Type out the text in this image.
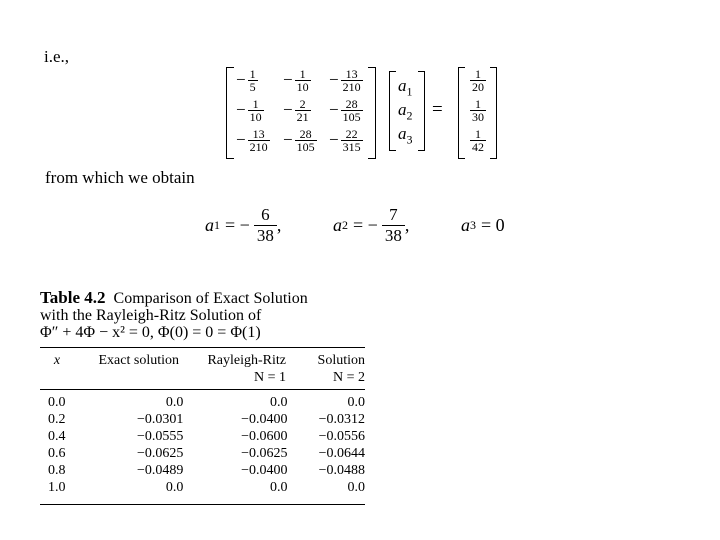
i.e.,
− $\frac{1}{5} - \frac{1}{10} - \frac{13}{210}$
− $\frac{1}{10} - \frac{2}{21} - \frac{28}{105}$
− $\frac{13}{210} - \frac{28}{105} - \frac{22}{315}$
$a_1$
$a_2$
$a_3$
=
$\frac{1}{20}$
$\frac{1}{30}$
$\frac{1}{42}$
from which we obtain
a 1 = − $\frac{6}{38}$ ,	a 2 = − $\frac{7}{38}$ ,	a 3 = 0
Table 4.2 Comparison of Exact Solution
with the Rayleigh-Ritz Solution of
Φ″ + 4Φ − x² = 0, Φ(0) = 0 = Φ(1)
x	Exact solution	Rayleigh-Ritz	Solution
		N = 1	N = 2
0.0	0.0	0.0	0.0
0.2	−0.0301	−0.0400	−0.0312
0.4	−0.0555	−0.0600	−0.0556
0.6	−0.0625	−0.0625	−0.0644
0.8	−0.0489	−0.0400	−0.0488
1.0	0.0	0.0	0.0
